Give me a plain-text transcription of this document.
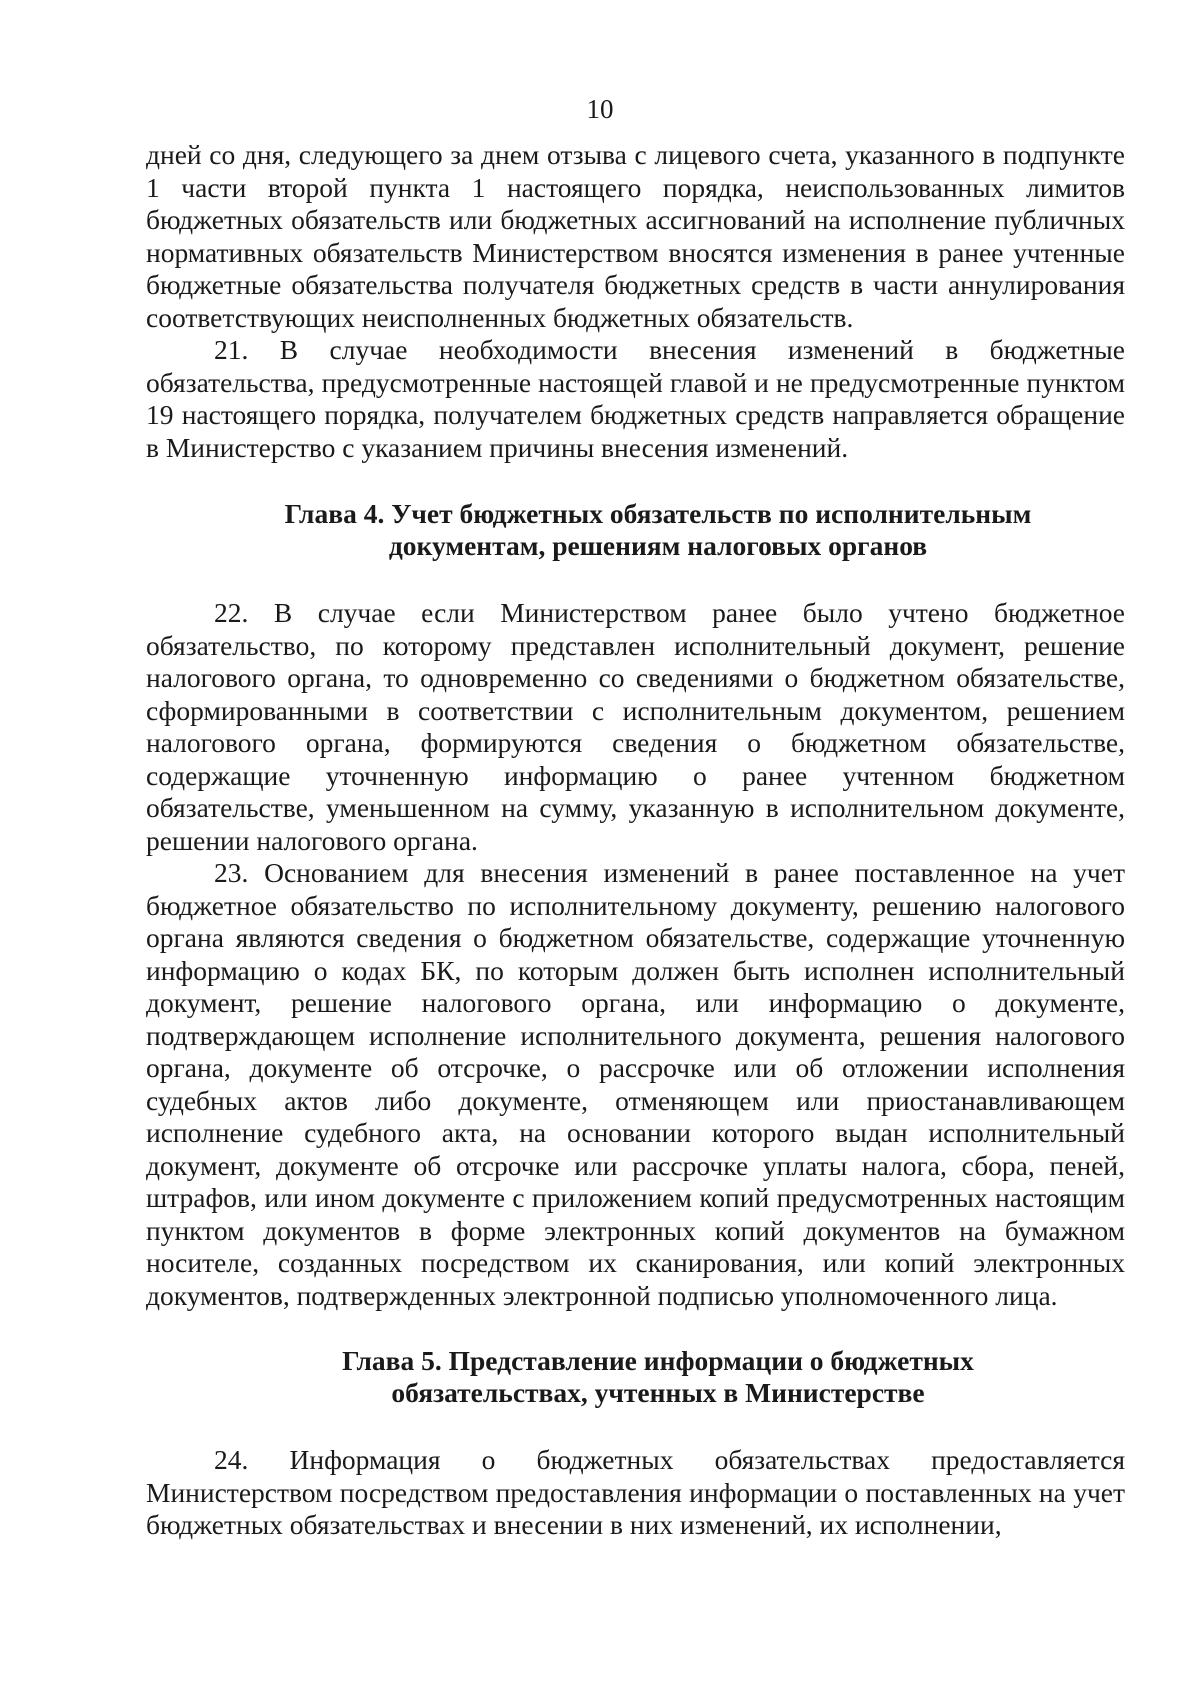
10

дней со дня, следующего за днем отзыва с лицевого счета, указанного в подпункте 1 части второй пункта 1 настоящего порядка, неиспользованных лимитов бюджетных обязательств или бюджетных ассигнований на исполнение публичных нормативных обязательств Министерством вносятся изменения в ранее учтенные бюджетные обязательства получателя бюджетных средств в части аннулирования соответствующих неисполненных бюджетных обязательств.

21. В случае необходимости внесения изменений в бюджетные обязательства, предусмотренные настоящей главой и не предусмотренные пунктом 19 настоящего порядка, получателем бюджетных средств направляется обращение в Министерство с указанием причины внесения изменений.

Глава 4. Учет бюджетных обязательств по исполнительным
документам, решениям налоговых органов

22. В случае если Министерством ранее было учтено бюджетное обязательство, по которому представлен исполнительный документ, решение налогового органа, то одновременно со сведениями о бюджетном обязательстве, сформированными в соответствии с исполнительным документом, решением налогового органа, формируются сведения о бюджетном обязательстве, содержащие уточненную информацию о ранее учтенном бюджетном обязательстве, уменьшенном на сумму, указанную в исполнительном документе, решении налогового органа.

23. Основанием для внесения изменений в ранее поставленное на учет бюджетное обязательство по исполнительному документу, решению налогового органа являются сведения о бюджетном обязательстве, содержащие уточненную информацию о кодах БК, по которым должен быть исполнен исполнительный документ, решение налогового органа, или информацию о документе, подтверждающем исполнение исполнительного документа, решения налогового органа, документе об отсрочке, о рассрочке или об отложении исполнения судебных актов либо документе, отменяющем или приостанавливающем исполнение судебного акта, на основании которого выдан исполнительный документ, документе об отсрочке или рассрочке уплаты налога, сбора, пеней, штрафов, или ином документе с приложением копий предусмотренных настоящим пунктом документов в форме электронных копий документов на бумажном носителе, созданных посредством их сканирования, или копий электронных документов, подтвержденных электронной подписью уполномоченного лица.

Глава 5. Представление информации о бюджетных
обязательствах, учтенных в Министерстве

24. Информация о бюджетных обязательствах предоставляется Министерством посредством предоставления информации о поставленных на учет бюджетных обязательствах и внесении в них изменений, их исполнении,
